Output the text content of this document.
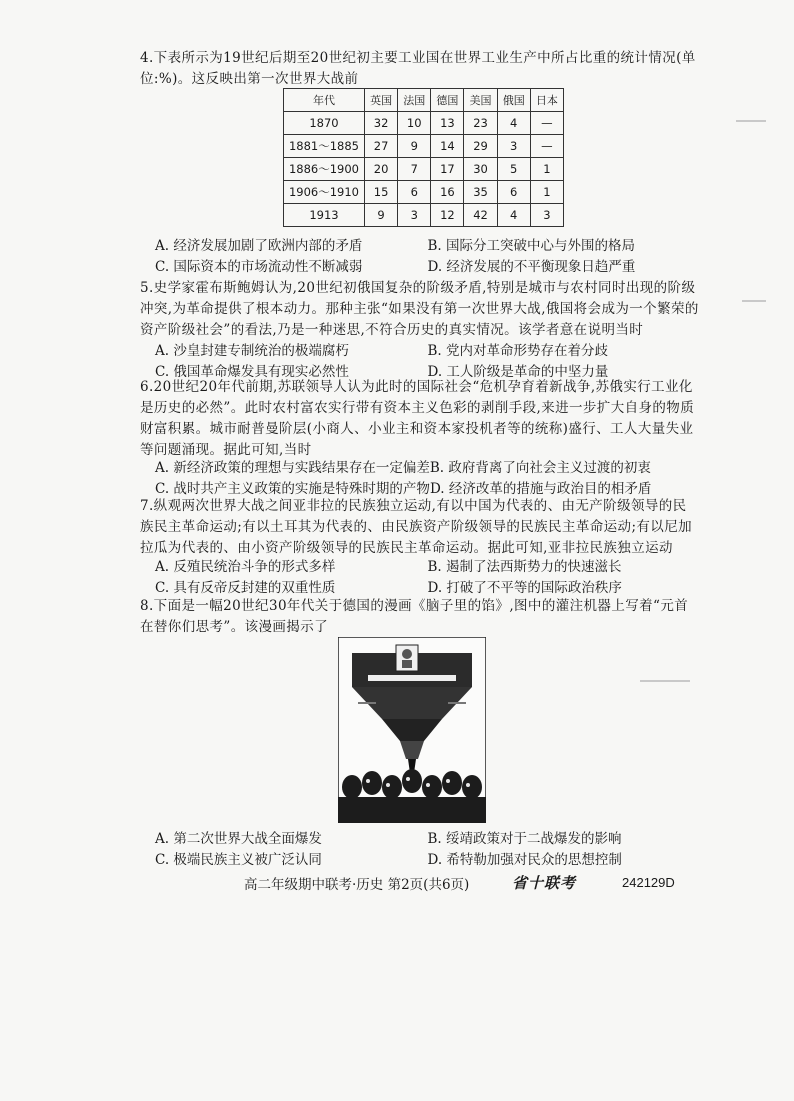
4.下表所示为19世纪后期至20世纪初主要工业国在世界工业生产中所占比重的统计情况(单位:%)。这反映出第一次世界大战前
年代	英国	法国	德国	美国	俄国	日本
1870	32	10	13	23	4	—
1881～1885	27	9	14	29	3	—
1886～1900	20	7	17	30	5	1
1906～1910	15	6	16	35	6	1
1913	9	3	12	42	4	3
A. 经济发展加剧了欧洲内部的矛盾	B. 国际分工突破中心与外围的格局
C. 国际资本的市场流动性不断减弱	D. 经济发展的不平衡现象日趋严重
5.史学家霍布斯鲍姆认为,20世纪初俄国复杂的阶级矛盾,特别是城市与农村同时出现的阶级冲突,为革命提供了根本动力。那种主张“如果没有第一次世界大战,俄国将会成为一个繁荣的资产阶级社会”的看法,乃是一种迷思,不符合历史的真实情况。该学者意在说明当时
A. 沙皇封建专制统治的极端腐朽	B. 党内对革命形势存在着分歧
C. 俄国革命爆发具有现实必然性	D. 工人阶级是革命的中坚力量
6.20世纪20年代前期,苏联领导人认为此时的国际社会“危机孕育着新战争,苏俄实行工业化是历史的必然”。此时农村富农实行带有资本主义色彩的剥削手段,来进一步扩大自身的物质财富积累。城市耐普曼阶层(小商人、小业主和资本家投机者等的统称)盛行、工人大量失业等问题涌现。据此可知,当时
A. 新经济政策的理想与实践结果存在一定偏差 B. 政府背离了向社会主义过渡的初衷
C. 战时共产主义政策的实施是特殊时期的产物 D. 经济改革的措施与政治目的相矛盾
7.纵观两次世界大战之间亚非拉的民族独立运动,有以中国为代表的、由无产阶级领导的民族民主革命运动;有以土耳其为代表的、由民族资产阶级领导的民族民主革命运动;有以尼加拉瓜为代表的、由小资产阶级领导的民族民主革命运动。据此可知,亚非拉民族独立运动
A. 反殖民统治斗争的形式多样	B. 遏制了法西斯势力的快速滋长
C. 具有反帝反封建的双重性质	D. 打破了不平等的国际政治秩序
8.下面是一幅20世纪30年代关于德国的漫画《脑子里的馅》,图中的灌注机器上写着“元首在替你们思考”。该漫画揭示了
A. 第二次世界大战全面爆发	B. 绥靖政策对于二战爆发的影响
C. 极端民族主义被广泛认同	D. 希特勒加强对民众的思想控制
高二年级期中联考·历史 第2页(共6页)	省十联考	242129D
